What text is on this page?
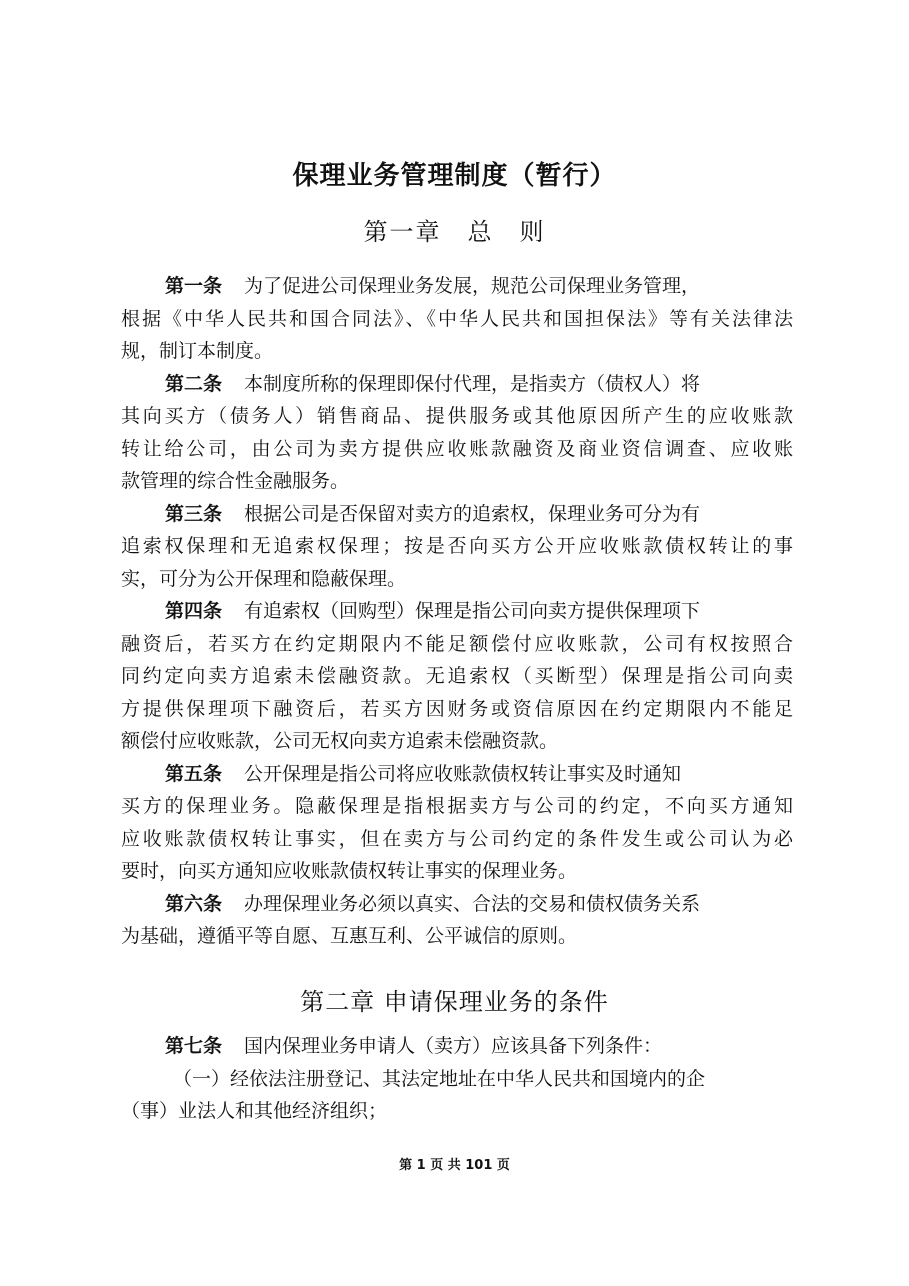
保理业务管理制度（暂行）
第一章　总　则
第一条 为了促进公司保理业务发展，规范公司保理业务管理，
根据《中华人民共和国合同法》、《中华人民共和国担保法》等有关法律法
规，制订本制度。
第二条 本制度所称的保理即保付代理，是指卖方（债权人）将
其向买方（债务人）销售商品、提供服务或其他原因所产生的应收账款
转让给公司，由公司为卖方提供应收账款融资及商业资信调查、应收账
款管理的综合性金融服务。
第三条 根据公司是否保留对卖方的追索权，保理业务可分为有
追索权保理和无追索权保理；按是否向买方公开应收账款债权转让的事
实，可分为公开保理和隐蔽保理。
第四条 有追索权（回购型）保理是指公司向卖方提供保理项下
融资后，若买方在约定期限内不能足额偿付应收账款，公司有权按照合
同约定向卖方追索未偿融资款。无追索权（买断型）保理是指公司向卖
方提供保理项下融资后，若买方因财务或资信原因在约定期限内不能足
额偿付应收账款，公司无权向卖方追索未偿融资款。
第五条 公开保理是指公司将应收账款债权转让事实及时通知
买方的保理业务。隐蔽保理是指根据卖方与公司的约定，不向买方通知
应收账款债权转让事实，但在卖方与公司约定的条件发生或公司认为必
要时，向买方通知应收账款债权转让事实的保理业务。
第六条 办理保理业务必须以真实、合法的交易和债权债务关系
为基础，遵循平等自愿、互惠互利、公平诚信的原则。
第二章 申请保理业务的条件
第七条 国内保理业务申请人（卖方）应该具备下列条件：
（一）经依法注册登记、其法定地址在中华人民共和国境内的企
（事）业法人和其他经济组织；
第 1 页 共 101 页
